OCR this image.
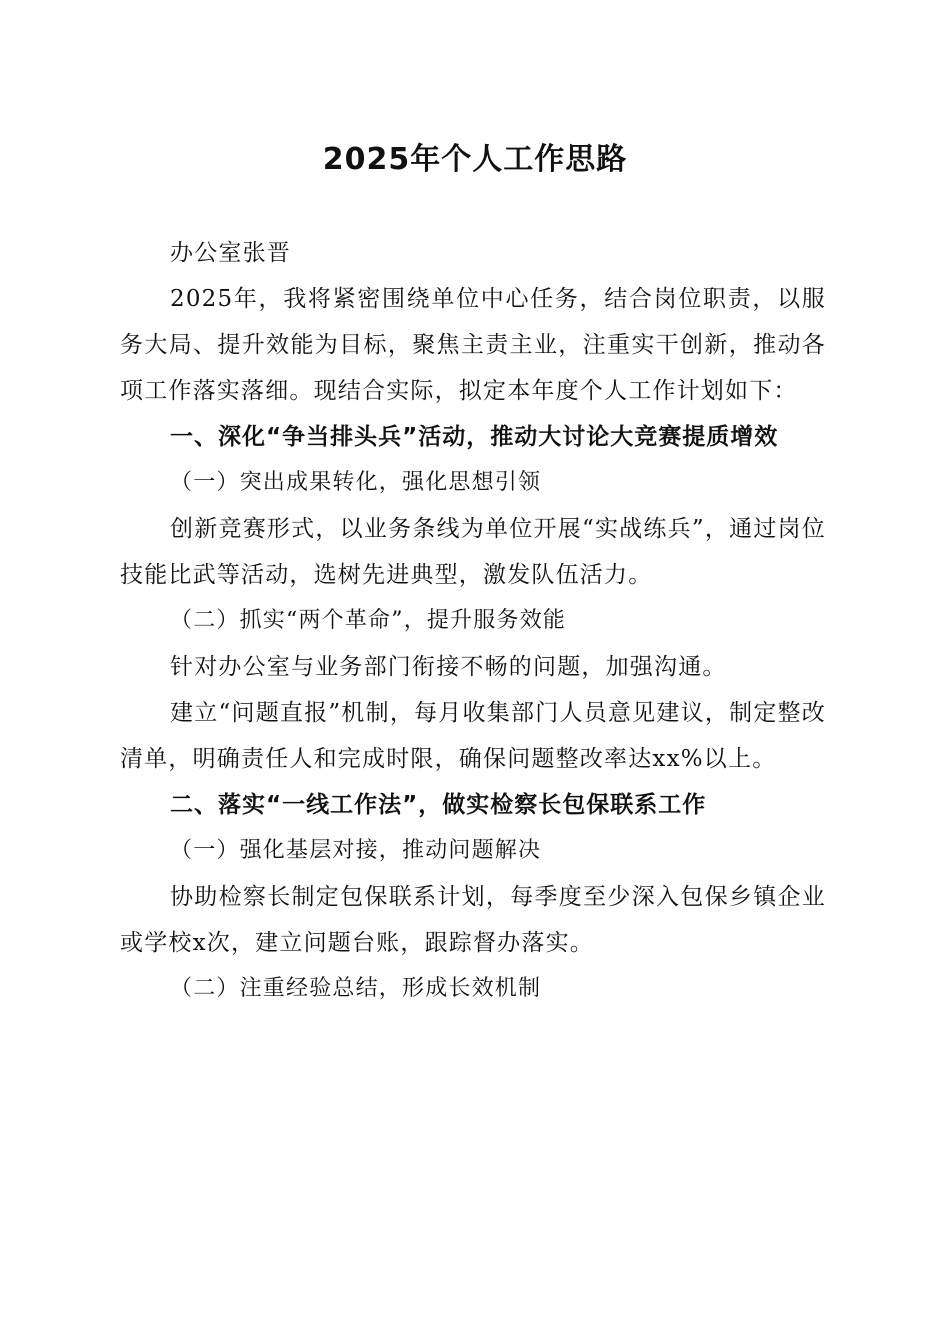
2025年个人工作思路

办公室张晋

2025年，我将紧密围绕单位中心任务，结合岗位职责，以服务大局、提升效能为目标，聚焦主责主业，注重实干创新，推动各项工作落实落细。现结合实际，拟定本年度个人工作计划如下：

一、深化“争当排头兵”活动，推动大讨论大竞赛提质增效

（一）突出成果转化，强化思想引领

创新竞赛形式，以业务条线为单位开展“实战练兵”，通过岗位技能比武等活动，选树先进典型，激发队伍活力。

（二）抓实“两个革命”，提升服务效能

针对办公室与业务部门衔接不畅的问题，加强沟通。

建立“问题直报”机制，每月收集部门人员意见建议，制定整改清单，明确责任人和完成时限，确保问题整改率达xx%以上。

二、落实“一线工作法”，做实检察长包保联系工作

（一）强化基层对接，推动问题解决

协助检察长制定包保联系计划，每季度至少深入包保乡镇企业或学校x次，建立问题台账，跟踪督办落实。

（二）注重经验总结，形成长效机制
